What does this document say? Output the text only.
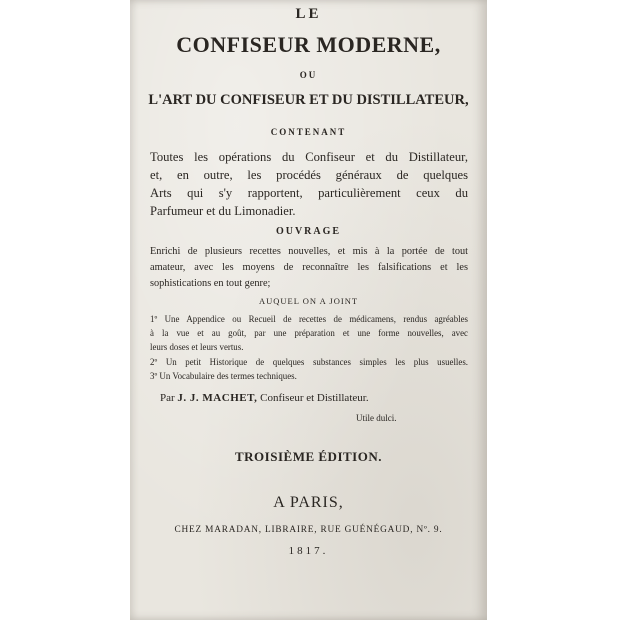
LE
CONFISEUR MODERNE,
OU
L'ART DU CONFISEUR ET DU DISTILLATEUR,
CONTENANT
Toutes les opérations du Confiseur et du Distillateur,
et, en outre, les procédés généraux de quelques
Arts qui s'y rapportent, particulièrement ceux du
Parfumeur et du Limonadier.
OUVRAGE
Enrichi de plusieurs recettes nouvelles, et mis à la portée de tout
amateur, avec les moyens de reconnaître les falsifications et les
sophistications en tout genre;
AUQUEL ON A JOINT
1º Une Appendice ou Recueil de recettes de médicamens, rendus agréables
à la vue et au goût, par une préparation et une forme nouvelles, avec
leurs doses et leurs vertus.
2º Un petit Historique de quelques substances simples les plus usuelles.
3º Un Vocabulaire des termes techniques.
Par J. J. MACHET, Confiseur et Distillateur.
Utile dulci.
TROISIÈME ÉDITION.
A PARIS,
CHEZ MARADAN, LIBRAIRE, RUE GUÉNÉGAUD, Nº. 9.
1817.
